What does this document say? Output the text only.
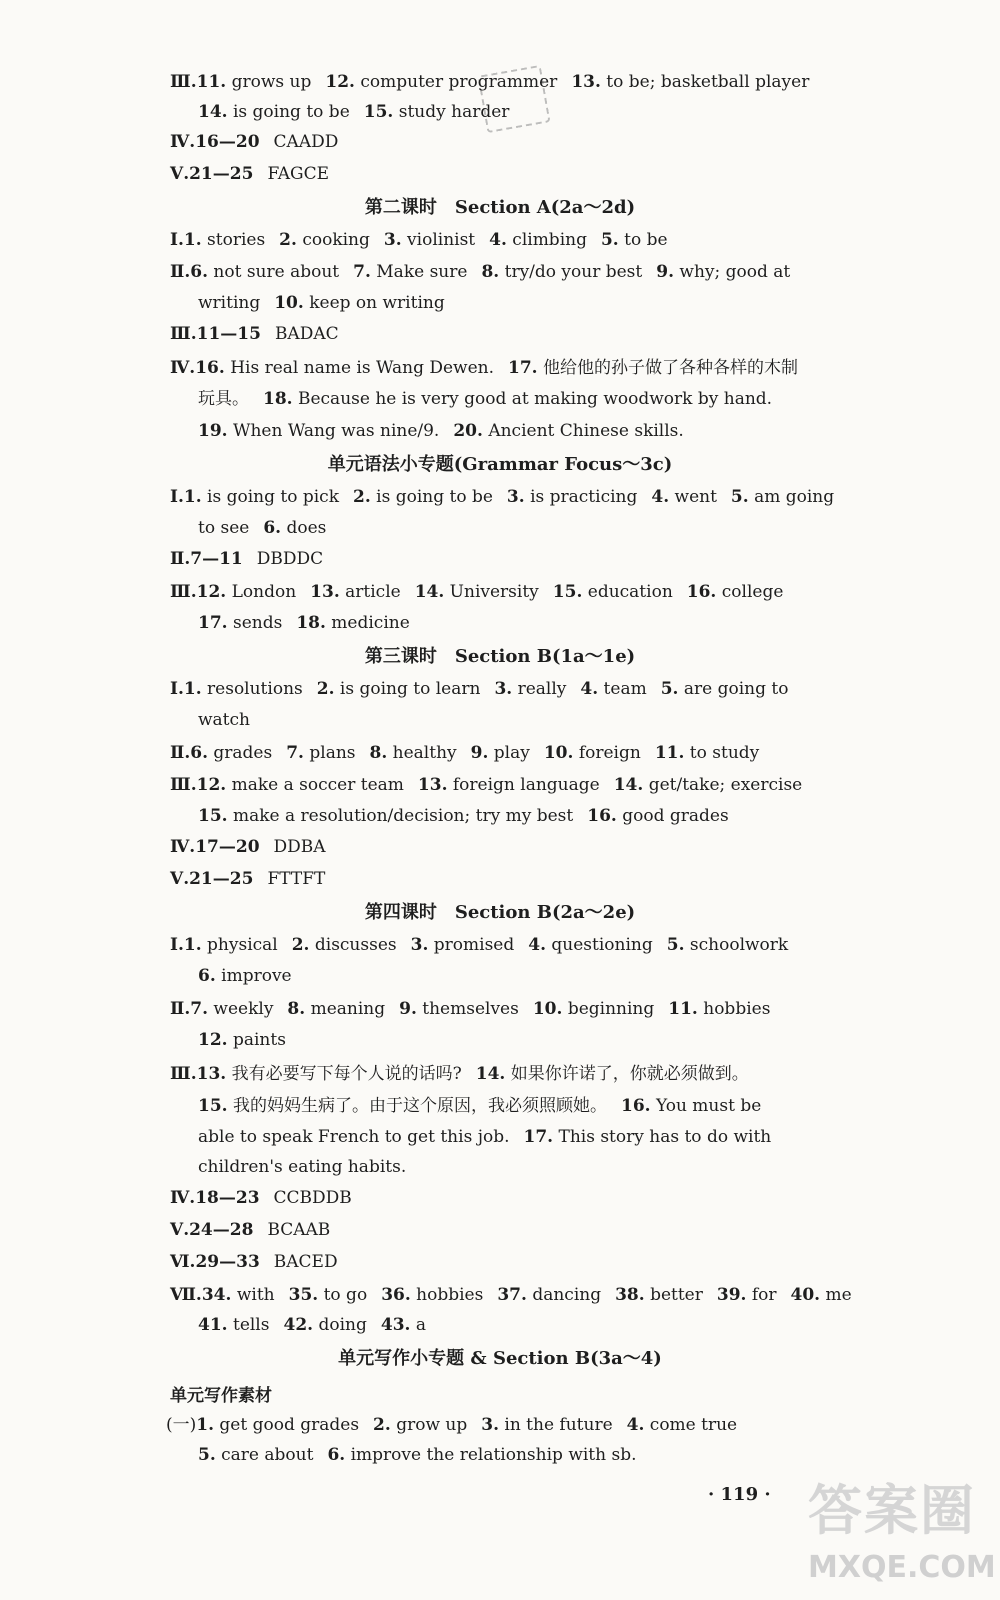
· 119 · 答案圈
MXQE.COM
Ⅲ.11. grows up 12. computer programmer 13. to be; basketball player
14. is going to be 15. study harder
Ⅳ.16—20 CAADD
Ⅴ.21—25 FAGCE
第二课时　Section A(2a～2d)
Ⅰ.1. stories 2. cooking 3. violinist 4. climbing 5. to be
Ⅱ.6. not sure about 7. Make sure 8. try/do your best 9. why; good at
writing 10. keep on writing
Ⅲ.11—15 BADAC
Ⅳ.16. His real name is Wang Dewen. 17. 他给他的孙子做了各种各样的木制
玩具。 18. Because he is very good at making woodwork by hand.
19. When Wang was nine/9. 20. Ancient Chinese skills.
单元语法小专题(Grammar Focus～3c)
Ⅰ.1. is going to pick 2. is going to be 3. is practicing 4. went 5. am going
to see 6. does
Ⅱ.7—11 DBDDC
Ⅲ.12. London 13. article 14. University 15. education 16. college
17. sends 18. medicine
第三课时　Section B(1a～1e)
Ⅰ.1. resolutions 2. is going to learn 3. really 4. team 5. are going to
watch
Ⅱ.6. grades 7. plans 8. healthy 9. play 10. foreign 11. to study
Ⅲ.12. make a soccer team 13. foreign language 14. get/take; exercise
15. make a resolution/decision; try my best 16. good grades
Ⅳ.17—20 DDBA
Ⅴ.21—25 FTTFT
第四课时　Section B(2a～2e)
Ⅰ.1. physical 2. discusses 3. promised 4. questioning 5. schoolwork
6. improve
Ⅱ.7. weekly 8. meaning 9. themselves 10. beginning 11. hobbies
12. paints
Ⅲ.13. 我有必要写下每个人说的话吗? 14. 如果你许诺了，你就必须做到。
15. 我的妈妈生病了。由于这个原因，我必须照顾她。 16. You must be
able to speak French to get this job. 17. This story has to do with
children's eating habits.
Ⅳ.18—23 CCBDDB
Ⅴ.24—28 BCAAB
Ⅵ.29—33 BACED
Ⅶ.34. with 35. to go 36. hobbies 37. dancing 38. better 39. for 40. me
41. tells 42. doing 43. a
单元写作小专题 & Section B(3a～4)
单元写作素材
(一)1. get good grades 2. grow up 3. in the future 4. come true
5. care about 6. improve the relationship with sb.
